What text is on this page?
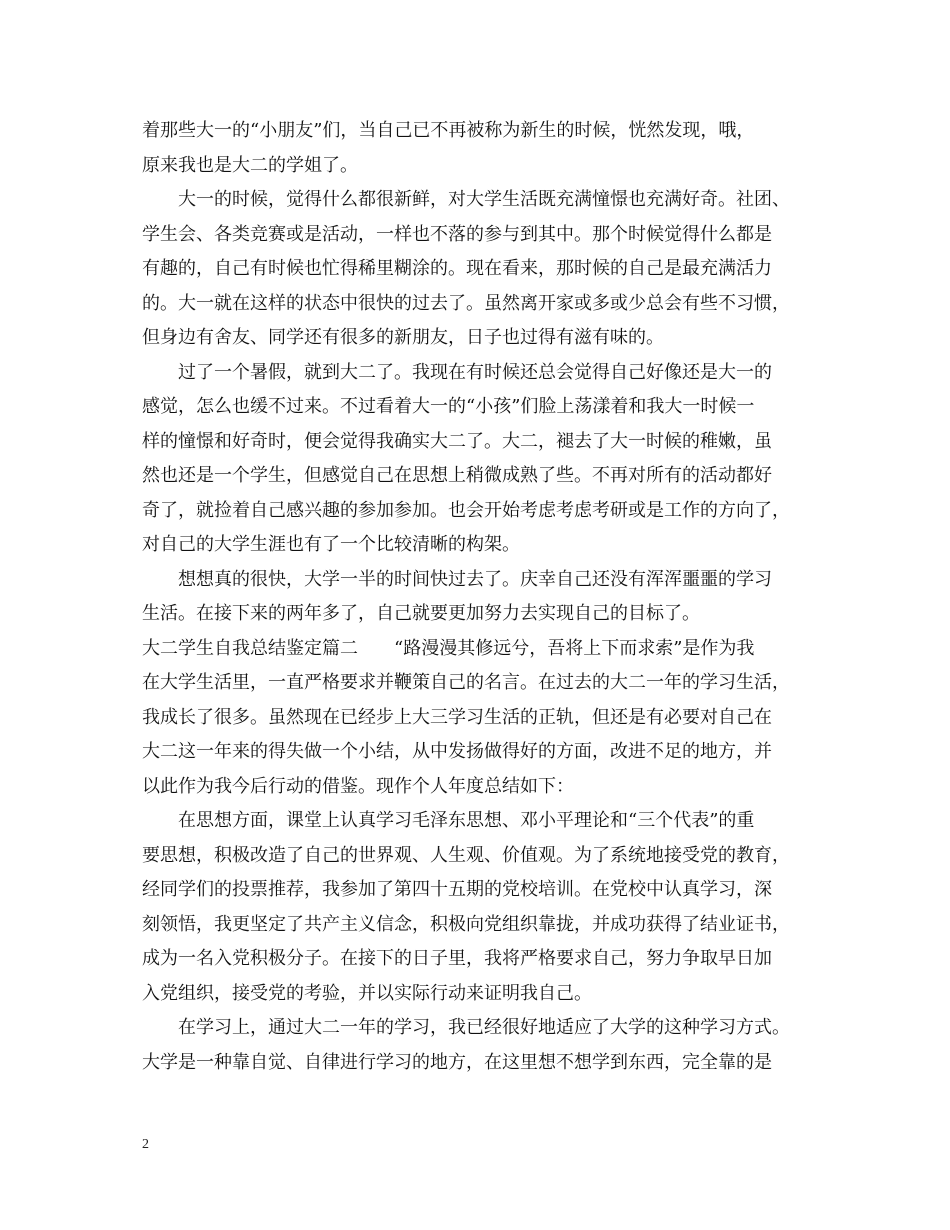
着那些大一的“小朋友”们，当自己已不再被称为新生的时候，恍然发现，哦，
原来我也是大二的学姐了。
大一的时候，觉得什么都很新鲜，对大学生活既充满憧憬也充满好奇。社团、
学生会、各类竞赛或是活动，一样也不落的参与到其中。那个时候觉得什么都是
有趣的，自己有时候也忙得稀里糊涂的。现在看来，那时候的自己是最充满活力
的。大一就在这样的状态中很快的过去了。虽然离开家或多或少总会有些不习惯，
但身边有舍友、同学还有很多的新朋友，日子也过得有滋有味的。
过了一个暑假，就到大二了。我现在有时候还总会觉得自己好像还是大一的
感觉，怎么也缓不过来。不过看着大一的“小孩”们脸上荡漾着和我大一时候一
样的憧憬和好奇时，便会觉得我确实大二了。大二，褪去了大一时候的稚嫩，虽
然也还是一个学生，但感觉自己在思想上稍微成熟了些。不再对所有的活动都好
奇了，就捡着自己感兴趣的参加参加。也会开始考虑考虑考研或是工作的方向了，
对自己的大学生涯也有了一个比较清晰的构架。
想想真的很快，大学一半的时间快过去了。庆幸自己还没有浑浑噩噩的学习
生活。在接下来的两年多了，自己就要更加努力去实现自己的目标了。
大二学生自我总结鉴定篇二　　“路漫漫其修远兮，吾将上下而求索”是作为我
在大学生活里，一直严格要求并鞭策自己的名言。在过去的大二一年的学习生活，
我成长了很多。虽然现在已经步上大三学习生活的正轨，但还是有必要对自己在
大二这一年来的得失做一个小结，从中发扬做得好的方面，改进不足的地方，并
以此作为我今后行动的借鉴。现作个人年度总结如下：
在思想方面，课堂上认真学习毛泽东思想、邓小平理论和“三个代表”的重
要思想，积极改造了自己的世界观、人生观、价值观。为了系统地接受党的教育，
经同学们的投票推荐，我参加了第四十五期的党校培训。在党校中认真学习，深
刻领悟，我更坚定了共产主义信念，积极向党组织靠拢，并成功获得了结业证书，
成为一名入党积极分子。在接下的日子里，我将严格要求自己，努力争取早日加
入党组织，接受党的考验，并以实际行动来证明我自己。
在学习上，通过大二一年的学习，我已经很好地适应了大学的这种学习方式。
大学是一种靠自觉、自律进行学习的地方，在这里想不想学到东西，完全靠的是
2
